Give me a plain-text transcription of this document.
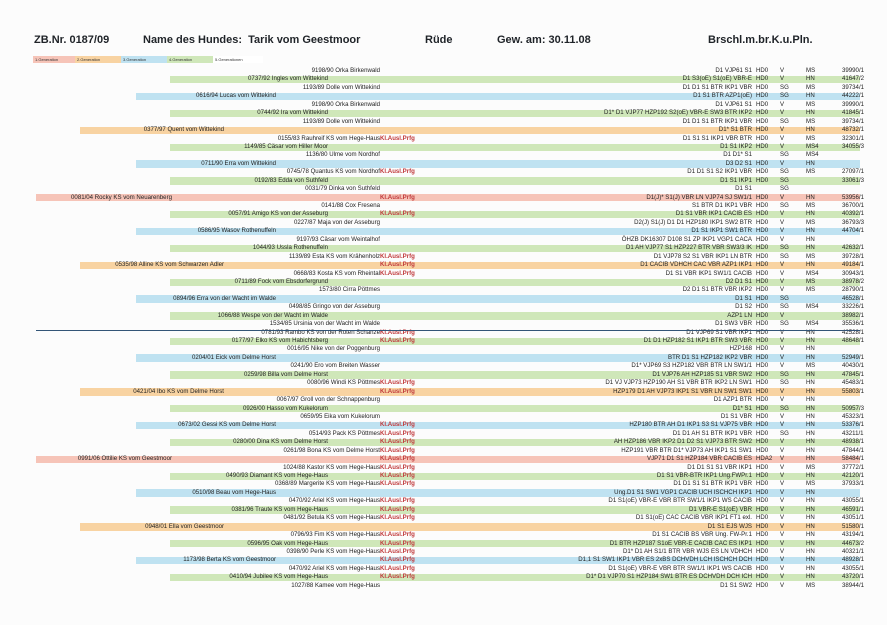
ZB.Nr. 0187/09	Name des Hundes: Tarik vom Geestmoor	Rüde	Gew. am: 30.11.08	Brschl.m.br.K.u.Pln.
1.Generation	2.Generation	3.Generation	4.Generation	5.Generationen
9198/90 Orka Birkenwald	D1 VJP61 S1 HD0 V	MS	39990/1
0737/92 Ingles vom Wittekind	D1 S3(oE) S1(oE) VBR-E HD0 V	HN	41647/2
1193/89 Dolle vom Wittekind	D1 D1 S1 BTR IKP1 VBR HD0 SG	MS	39734/1
0616/94 Lucas vom Wittekind	D1 S1 BTR AZP1(oE) HD0 SG	HN	44222/1
9198/90 Orka Birkenwald	D1 VJP61 S1 HD0 V	MS	39990/1
0744/92 Ira vom Wittekind	D1* D1 VJP77 HZP192 S2(oE) VBR-E SW3 BTR IKP2 HD0 V	HN	41845/1
1193/89 Dolle vom Wittekind	D1 D1 S1 BTR IKP1 VBR HD0 SG	MS	39734/1
0377/97 Quent vom Wittekind	D1* S1 BTR HD0 V	HN	48732/1
0155/83 Rauhreif KS vom Hege-Haus Kl.Ausl.Prfg	D1 S1 S1 IKP1 VBR BTR HD0 V	MS	32301/1
1149/85 Cäsar vom Hiller Moor	D1 S1 IKP2 HD0 V	MS4	34055/3
1136/80 Ulme vom Nordhof	D1 D1* S1	SG	MS4
0711/90 Erra vom Wittekind	D3 D2 S1 HD0 V	HN
0745/78 Quantus KS vom Nordhof Kl.Ausl.Prfg	D1 D1 S1 S2 IKP1 VBR HD0 SG	MS	27097/1
0192/83 Edda von Suthfeld	D1 S1 IKP1 HD0 SG	33061/3
0031/79 Dinka von Suthfeld	D1 S1	SG
0081/04 Rocky KS vom Neuarenberg	Kl.Ausl.Prfg	D1(J)* S1(J) VBR LN VJP74 SJ SW1/1 HD0 V	HN	53956/1
0141/88 Cox Fresena	S1 BTR D1 IKP1 VBR HD0 SG	MS	36700/1
0057/91 Amigo KS von der Asseburg	Kl.Ausl.Prfg	D1 S1 VBR IKP1 CACIB ES HD0 V	HN	40392/1
0227/87 Maja von der Asseburg	D2(J) S1(J) D1 D1 HZP180 IKP1 SW2 BTR HD0 V	MS	36793/3
0586/95 Wasov Rothenuffeln	D1 S1 IKP1 SW1 BTR HD0 V	HN	44704/1
9197/93 Cäsar vom Weintalhof	ÖHZB DK16307 D108 S1 ZP IKP1 VGP1 CACA HD0 V	HN
1044/93 Ussla Rothenuffeln	D1 AH VJP77 S1 HZP227 BTR VBR SW3/3 IK HD0 SG	HN	42632/1
1139/89 Esta KS vom Krähenholz Kl.Ausl.Prfg	D1 VJP78 S2 S1 VBR IKP1 LN BTR HD0 SG	MS	39728/1
0535/98 Alline KS vom Schwarzen Adler	Kl.Ausl.Prfg	D1 CACIB VDHCH CAC VBR AZP1 IKP1 HD0 V	HN	49184/1
0668/83 Kosta KS vom Rheintal Kl.Ausl.Prfg	D1 S1 VBR IKP1 SW1/1 CACIB HD0 V	MS4	30943/1
0711/89 Fock vom Ebsdorfergrund	D2 D1 S1 HD0 V	MS	38978/2
1573/80 Cirra Pöttmes	D2 D1 S1 BTR VBR IKP2 HD0 V	MS	28790/1
0894/96 Erra von der Wacht im Walde	D1 S1 HD0 SG	46528/1
0498/85 Gringo von der Asseburg	D1 S2 HD0 SG	MS4	33226/1
1066/88 Wespe von der Wacht im Walde	AZP1 LN HD0 V	38982/1
1534/85 Ursinia von der Wacht im Walde	D1 SW3 VBR HD0 SG	MS4	35536/1
0781/93 Rambo KS von der Roten Schanze Kl.Ausl.Prfg	D1 VJP69 S1 VBR IKP1 HD0 V	HN	42528/1
0177/97 Elko KS vom Habichtsberg	Kl.Ausl.Prfg	D1 D1 HZP182 S1 IKP1 BTR SW3 VBR HD0 V	HN	48648/1
0016/95 Nike von der Poggenburg	HZP168 HD0 V	HN
0204/01 Eick vom Delme Horst	BTR D1 S1 HZP182 IKP2 VBR HD0 V	HN	52949/1
0241/90 Ero vom Breiten Wasser	D1* VJP69 S3 HZP182 VBR BTR LN SW1/1 HD0 V	MS	40430/1
0259/98 Billa vom Delme Horst	D1 VJP76 AH HZP185 S1 VBR SW2 HD0 SG	HN	47845/1
0080/96 Windi KS Pöttmes Kl.Ausl.Prfg	D1 VJ VJP73 HZP190 AH S1 VBR BTR IKP2 LN SW1 HD0 SG	HN	45483/1
0421/04 Ibo KS vom Delme Horst	Kl.Ausl.Prfg	HZP179 D1 AH VJP73 IKP1 S1 VBR LN SW1 SW1 HD0 V	HN	55803/1
0067/97 Groll von der Schnappenburg	D1 AZP1 BTR HD0 V	HN
0926/00 Hasso vom Kukelorum	D1* S1 HD0 SG	HN	50957/3
0659/95 Eika vom Kukelorum	D1 S1 VBR HD0 V	HN	45323/1
0673/02 Gessi KS vom Delme Horst	Kl.Ausl.Prfg	HZP180 BTR AH D1 IKP1 S3 S1 VJP75 VBR HD0 V	HN	53376/1
0514/93 Pack KS Pöttmes Kl.Ausl.Prfg	D1 D1 AH S1 BTR IKP1 VBR HD0 SG	HN	43211/1
0280/00 Dina KS vom Delme Horst	Kl.Ausl.Prfg	AH HZP186 VBR IKP2 D1 D2 S1 VJP73 BTR SW2 HD0 V	HN	48938/1
0261/98 Bona KS vom Delme Horst Kl.Ausl.Prfg	HZP191 VBR BTR D1* VJP73 AH IKP1 S1 SW1 HD0 V	HN	47844/1
0991/06 Ottilie KS vom Geestmoor	Kl.Ausl.Prfg	VJP71 D1 S1 HZP184 VBR CACIB ES HDA2 V	HN	58484/1
1024/88 Kastor KS vom Hege-Haus Kl.Ausl.Prfg	D1 D1 S1 S1 VBR IKP1 HD0 V	MS	37772/1
0490/93 Diamant KS vom Hege-Haus	Kl.Ausl.Prfg	D1 S1 VBR-BTR IKP1 Ung.FWPr.1 HD0 V	HN	42120/1
0368/89 Margerite KS vom Hege-Haus Kl.Ausl.Prfg	D1 D1 S1 S1 BTR IKP1 VBR HD0 V	MS	37933/1
0510/98 Beau vom Hege-Haus	Ung.D1 S1 SW1 VGP1 CACIB UCH ISCHCH IKP1 HD0 V	HN
0470/92 Ariel KS vom Hege-Haus Kl.Ausl.Prfg	D1 S1(oE) VBR-E VBR BTR SW1/1 IKP1 WS CACIB HD0 V	HN	43055/1
0381/96 Traute KS vom Hege-Haus	Kl.Ausl.Prfg	D1 VBR-E S1(oE) VBR HD0 V	HN	46591/1
0481/92 Betula KS vom Hege-Haus Kl.Ausl.Prfg	D1 S1(oE) CAC CACIB VBR IKP1 FT1 exl. HD0 V	HN	43051/1
0948/01 Ella vom Geestmoor	D1 S1 EJS WJS HD0 V	HN	51580/1
0796/93 Fim KS vom Hege-Haus Kl.Ausl.Prfg	D1 S1 CACIB BS VBR Ung. FW-Pr.1 HD0 V	HN	43194/1
0596/95 Oak vom Hege-Haus	Kl.Ausl.Prfg	D1 BTR HZP187 S1oE VBR-E CACIB CAC ES IKP1 HD0 V	HN	44673/2
0398/90 Perle KS vom Hege-Haus Kl.Ausl.Prfg	D1* D1 AH S1/1 BTR VBR WJS ES LN VDHCH HD0 V	HN	40321/1
1173/98 Berta KS vom Geestmoor	Kl.Ausl.Prfg	D1,1 S1 SW1 IKP1 VBR ES 2xBS DCHVDH LCH ISCHCH DCH HD0 V	HN	48928/1
0470/92 Ariel KS vom Hege-Haus Kl.Ausl.Prfg	D1 S1(oE) VBR-E VBR BTR SW1/1 IKP1 WS CACIB HD0 V	HN	43055/1
0410/94 Jubilee KS vom Hege-Haus	Kl.Ausl.Prfg	D1* D1 VJP70 S1 HZP184 SW1 BTR ES DCHVDH DCH ICH HD0 V	HN	43720/1
1027/88 Kamee vom Hege-Haus	D1 S1 SW2 HD0 V	MS	38944/1
